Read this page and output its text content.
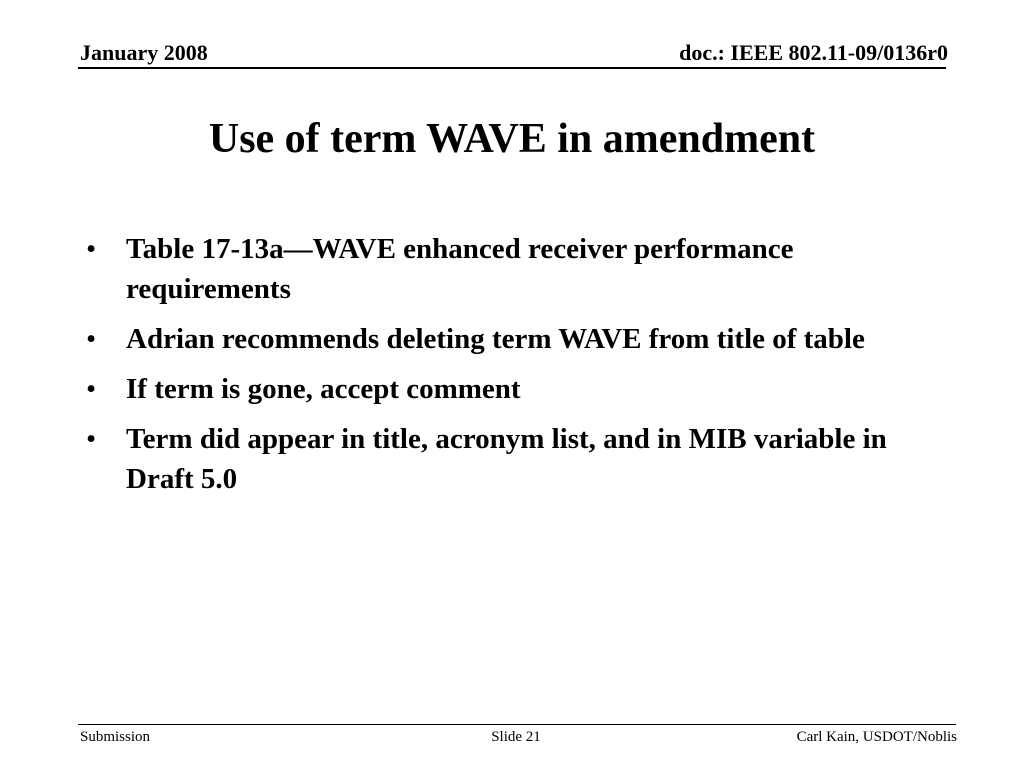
January 2008	doc.: IEEE 802.11-09/0136r0
Use of term WAVE in amendment
• Table 17-13a—WAVE enhanced receiver performance requirements
• Adrian recommends deleting term WAVE from title of table
• If term is gone, accept comment
• Term did appear in title, acronym list, and in MIB variable in Draft 5.0
Submission	Slide 21	Carl Kain, USDOT/Noblis
